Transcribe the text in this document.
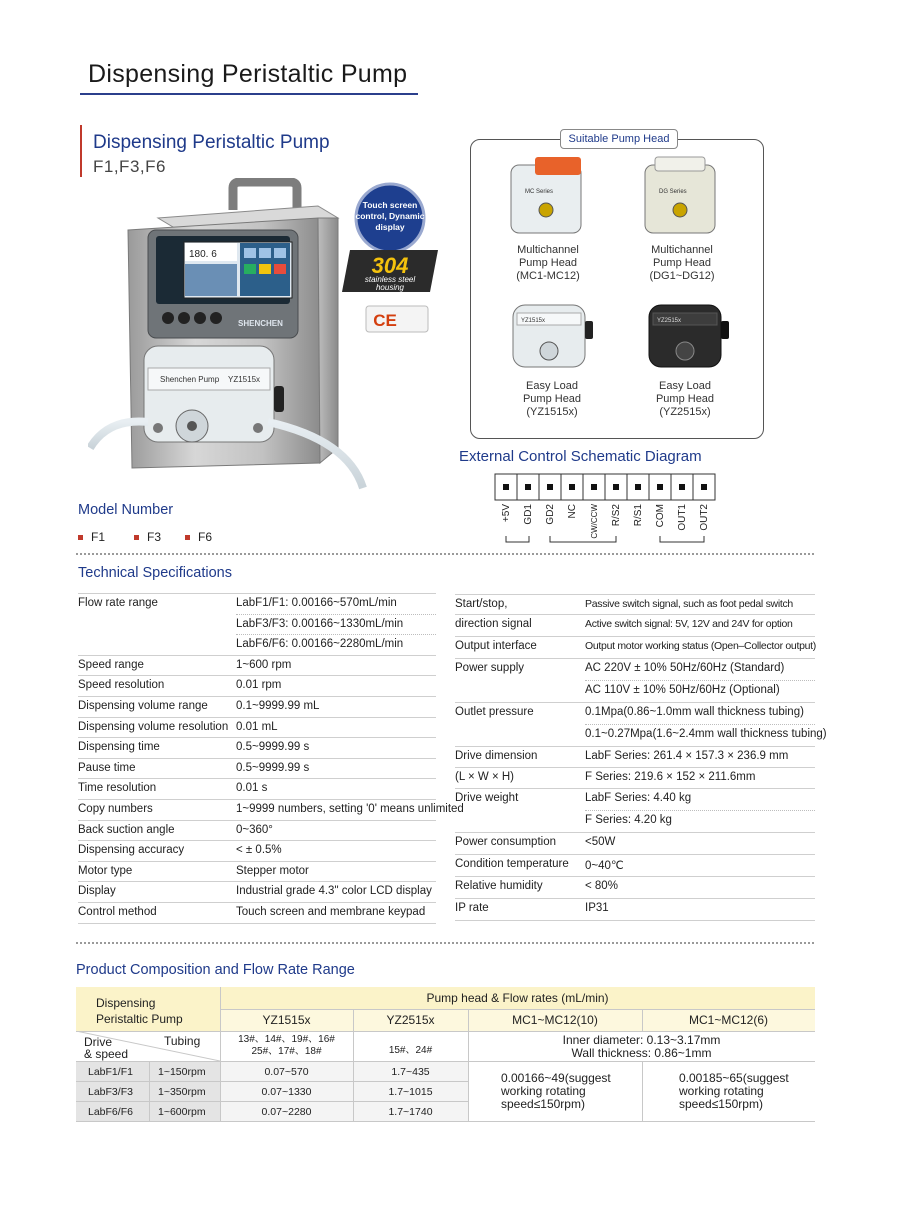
Dispensing Peristaltic Pump
Dispensing Peristaltic Pump
F1,F3,F6
180. 6
SHENCHEN
Shenchen Pump YZ1515x
Touch screen
control, Dynamic
display
304
stainless steel
housing
CE
Suitable Pump Head
MC Series	DG Series
Multichannel
Pump Head
(MC1-MC12)
Multichannel
Pump Head
(DG1~DG12)
YZ1515x	YZ2515x
Easy Load
Pump Head
(YZ1515x)
Easy Load
Pump Head
(YZ2515x)
External Control Schematic Diagram
+5V GD1 GD2 NC CW/CCW R/S2 R/S1 COM OUT1 OUT2
Model Number
F1	F3	F6
Technical Specifications
Flow rate range	LabF1/F1: 0.00166~570mL/min
LabF3/F3: 0.00166~1330mL/min
LabF6/F6: 0.00166~2280mL/min
Speed range	1~600 rpm
Speed resolution	0.01 rpm
Dispensing volume range 0.1~9999.99 mL
Dispensing volume resolution 0.01 mL
Dispensing time	0.5~9999.99 s
Pause time	0.5~9999.99 s
Time resolution	0.01 s
Copy numbers	1~9999 numbers, setting '0' means unlimited
Back suction angle	0~360°
Dispensing accuracy	< ± 0.5%
Motor type	Stepper motor
Display	Industrial grade 4.3" color LCD display
Control method	Touch screen and membrane keypad
Start/stop,	Passive switch signal, such as foot pedal switch
direction signal	Active switch signal: 5V, 12V and 24V for option
Output interface	Output motor working status (Open–Collector output)
Power supply	AC 220V ± 10% 50Hz/60Hz (Standard)
AC 110V ± 10% 50Hz/60Hz (Optional)
Outlet pressure	0.1Mpa(0.86~1.0mm wall thickness tubing)
0.1~0.27Mpa(1.6~2.4mm wall thickness tubing)
Drive dimension	LabF Series: 261.4 × 157.3 × 236.9 mm
(L × W × H)	F Series: 219.6 × 152 × 211.6mm
Drive weight	LabF Series: 4.40 kg
F Series: 4.20 kg
Power consumption	<50W
Condition temperature 0~40℃
Relative humidity	< 80%
IP rate	IP31
Product Composition and Flow Rate Range
Dispensing
Peristaltic Pump
Pump head & Flow rates (mL/min)
YZ1515x	YZ2515x	MC1~MC12(10)	MC1~MC12(6)
Tubing
Drive
& speed
13#、14#、19#、16#
25#、17#、18#	15#、24#
Inner diameter: 0.13~3.17mm
Wall thickness: 0.86~1mm
LabF1/F1 1~150rpm	0.07~570	1.7~435
LabF3/F3 1~350rpm	0.07~1330	1.7~1015
LabF6/F6 1~600rpm	0.07~2280	1.7~1740
0.00166~49(suggest
working rotating
speed≤150rpm)
0.00185~65(suggest
working rotating
speed≤150rpm)
